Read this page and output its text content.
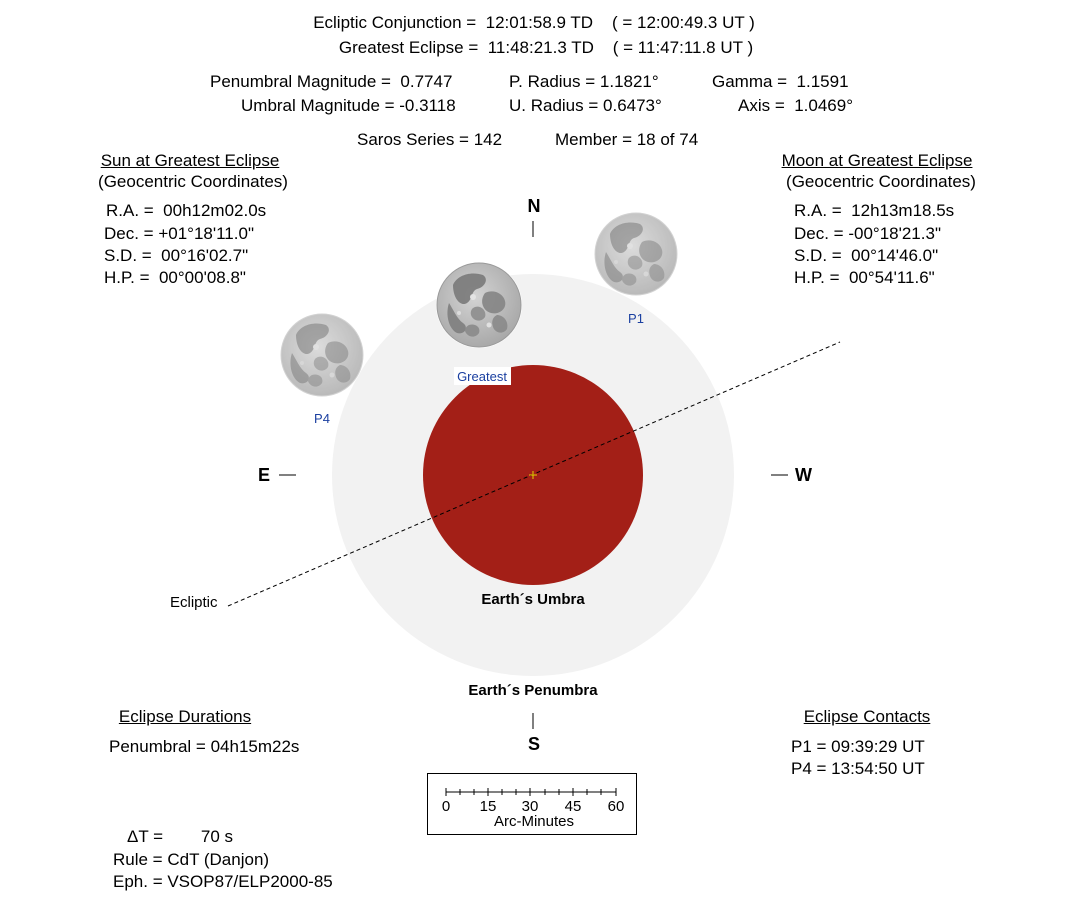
Ecliptic Conjunction =  12:01:58.9 TD    ( = 12:00:49.3 UT )
Greatest Eclipse =  11:48:21.3 TD    ( = 11:47:11.8 UT )
Penumbral Magnitude =  0.7747
Umbral Magnitude = -0.3118
P. Radius = 1.1821°
U. Radius = 0.6473°
Gamma =  1.1591
Axis =  1.0469°
Saros Series = 142	Member = 18 of 74
Sun at Greatest Eclipse
(Geocentric Coordinates)
R.A. =  00h12m02.0s
Dec. = +01°18'11.0"
S.D. =  00°16'02.7"
H.P. =  00°00'08.8"
Moon at Greatest Eclipse
(Geocentric Coordinates)
R.A. =  12h13m18.5s
Dec. = -00°18'21.3"
S.D. =  00°14'46.0"
H.P. =  00°54'11.6"
N
S
E	W
Earth´s Umbra
Earth´s Penumbra
Ecliptic
P1
P4
Greatest
Eclipse Durations
Penumbral = 04h15m22s
Eclipse Contacts
P1 = 09:39:29 UT
P4 = 13:54:50 UT
0 15 30 45 60
Arc-Minutes
ΔT =        70 s
Rule = CdT (Danjon)
Eph. = VSOP87/ELP2000-85
